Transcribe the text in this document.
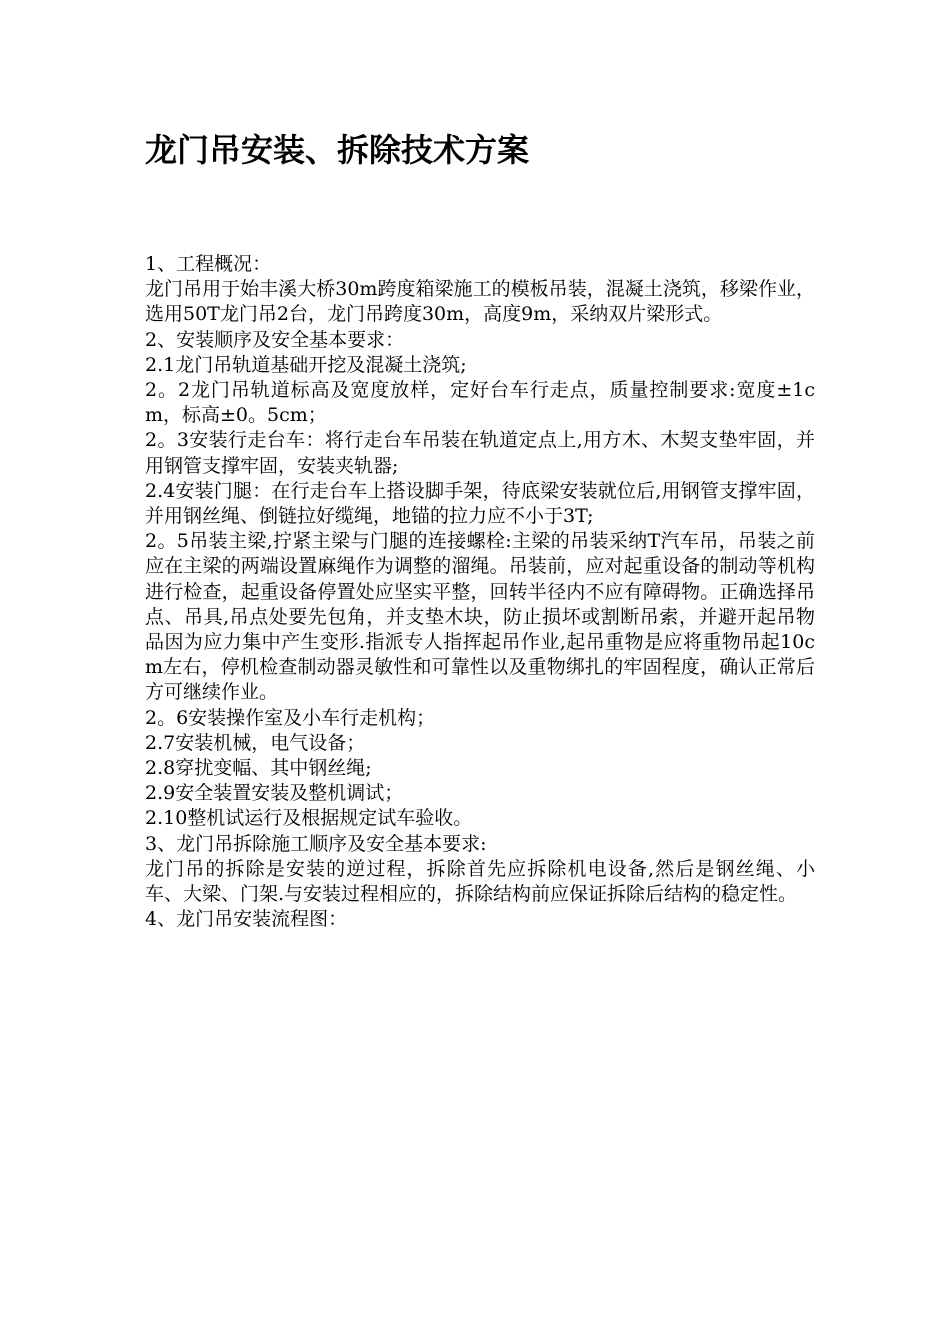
龙门吊安装、拆除技术方案

1、工程概况：

龙门吊用于始丰溪大桥30m跨度箱梁施工的模板吊装，混凝土浇筑，移梁作业，选用50T龙门吊2台，龙门吊跨度30m，高度9m，采纳双片梁形式。

2、安装顺序及安全基本要求：

2.1龙门吊轨道基础开挖及混凝土浇筑;

2。2龙门吊轨道标高及宽度放样，定好台车行走点，质量控制要求:宽度±1cm，标高±0。5cm；

2。3安装行走台车：将行走台车吊装在轨道定点上,用方木、木契支垫牢固，并用钢管支撑牢固，安装夹轨器;

2.4安装门腿：在行走台车上搭设脚手架，待底梁安装就位后,用钢管支撑牢固，并用钢丝绳、倒链拉好缆绳，地锚的拉力应不小于3T;

2。5吊装主梁,拧紧主梁与门腿的连接螺栓:主梁的吊装采纳T汽车吊，吊装之前应在主梁的两端设置麻绳作为调整的溜绳。吊装前，应对起重设备的制动等机构进行检查，起重设备停置处应坚实平整，回转半径内不应有障碍物。正确选择吊点、吊具,吊点处要先包角，并支垫木块，防止损坏或割断吊索，并避开起吊物品因为应力集中产生变形.指派专人指挥起吊作业,起吊重物是应将重物吊起10cm左右，停机检查制动器灵敏性和可靠性以及重物绑扎的牢固程度，确认正常后方可继续作业。

2。6安装操作室及小车行走机构；

2.7安装机械，电气设备；

2.8穿扰变幅、其中钢丝绳;

2.9安全装置安装及整机调试；

2.10整机试运行及根据规定试车验收。

3、龙门吊拆除施工顺序及安全基本要求:

龙门吊的拆除是安装的逆过程，拆除首先应拆除机电设备,然后是钢丝绳、小车、大梁、门架.与安装过程相应的，拆除结构前应保证拆除后结构的稳定性。

4、龙门吊安装流程图：
